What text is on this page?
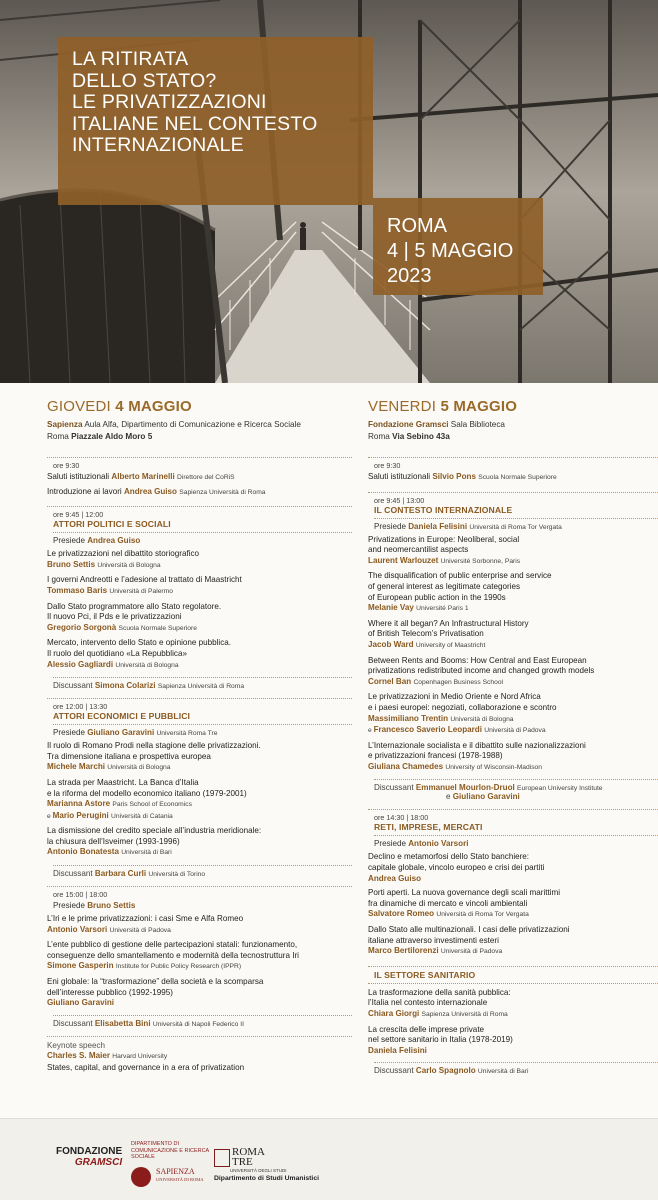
LA RITIRATA
DELLO STATO?
LE PRIVATIZZAZIONI
ITALIANE NEL CONTESTO
INTERNAZIONALE
ROMA
4 | 5 MAGGIO
2023
GIOVEDI 4 MAGGIO
Sapienza Aula Alfa, Dipartimento di Comunicazione e Ricerca Sociale
Roma Piazzale Aldo Moro 5
ore 9:30
Saluti istituzionali Alberto Marinelli Direttore del CoRiS
Introduzione ai lavori Andrea Guiso Sapienza Università di Roma
ore 9:45 | 12:00
ATTORI POLITICI E SOCIALI
Presiede Andrea Guiso
Le privatizzazioni nel dibattito storiografico
Bruno Settis Università di Bologna
I governi Andreotti e l’adesione al trattato di Maastricht
Tommaso Baris Università di Palermo
Dallo Stato programmatore allo Stato regolatore.
Il nuovo Pci, il Pds e le privatizzazioni
Gregorio Sorgonà Scuola Normale Superiore
Mercato, intervento dello Stato e opinione pubblica.
Il ruolo del quotidiano «La Repubblica»
Alessio Gagliardi Università di Bologna
Discussant Simona Colarizi Sapienza Università di Roma
ore 12:00 | 13:30
ATTORI ECONOMICI E PUBBLICI
Presiede Giuliano Garavini Università Roma Tre
Il ruolo di Romano Prodi nella stagione delle privatizzazioni.
Tra dimensione italiana e prospettiva europea
Michele Marchi Università di Bologna
La strada per Maastricht. La Banca d’Italia
e la riforma del modello economico italiano (1979-2001)
Marianna Astore Paris School of Economics
e Mario Perugini Università di Catania
La dismissione del credito speciale all’industria meridionale:
la chiusura dell’Isveimer (1993-1996)
Antonio Bonatesta Università di Bari
Discussant Barbara Curli Università di Torino
ore 15:00 | 18:00
Presiede Bruno Settis
L’Iri e le prime privatizzazioni: i casi Sme e Alfa Romeo
Antonio Varsori Università di Padova
L’ente pubblico di gestione delle partecipazioni statali: funzionamento,
conseguenze dello smantellamento e modernità della tecnostruttura Iri
Simone Gasperin Institute for Public Policy Research (IPPR)
Eni globale: la “trasformazione” della società e la scomparsa
dell’interesse pubblico (1992-1995)
Giuliano Garavini
Discussant Elisabetta Bini Università di Napoli Federico II
Keynote speech
Charles S. Maier Harvard University
States, capital, and governance in a era of privatization
VENERDI 5 MAGGIO
Fondazione Gramsci Sala Biblioteca
Roma Via Sebino 43a
ore 9:30
Saluti istituzionali Silvio Pons Scuola Normale Superiore
ore 9:45 | 13:00
IL CONTESTO INTERNAZIONALE
Presiede Daniela Felisini Università di Roma Tor Vergata
Privatizations in Europe: Neoliberal, social
and neomercantilist aspects
Laurent Warlouzet Université Sorbonne, Paris
The disqualification of public enterprise and service
of general interest as legitimate categories
of European public action in the 1990s
Melanie Vay Université Paris 1
Where it all began? An Infrastructural History
of British Telecom’s Privatisation
Jacob Ward University of Maastricht
Between Rents and Booms: How Central and East European
privatizations redistributed income and changed growth models
Cornel Ban Copenhagen Business School
Le privatizzazioni in Medio Oriente e Nord Africa
e i paesi europei: negoziati, collaborazione e scontro
Massimiliano Trentin Università di Bologna
e Francesco Saverio Leopardi Università di Padova
L’Internazionale socialista e il dibattito sulle nazionalizzazioni
e privatizzazioni francesi (1978-1988)
Giuliana Chamedes University of Wisconsin-Madison
Discussant Emmanuel Mourlon-Druol European University Institute
e Giuliano Garavini
ore 14:30 | 18:00
RETI, IMPRESE, MERCATI
Presiede Antonio Varsori
Declino e metamorfosi dello Stato banchiere:
capitale globale, vincolo europeo e crisi dei partiti
Andrea Guiso
Porti aperti. La nuova governance degli scali marittimi
fra dinamiche di mercato e vincoli ambientali
Salvatore Romeo Università di Roma Tor Vergata
Dallo Stato alle multinazionali. I casi delle privatizzazioni
italiane attraverso investimenti esteri
Marco Bertilorenzi Università di Padova
IL SETTORE SANITARIO
La trasformazione della sanità pubblica:
l’Italia nel contesto internazionale
Chiara Giorgi Sapienza Università di Roma
La crescita delle imprese private
nel settore sanitario in Italia (1978-2019)
Daniela Felisini
Discussant Carlo Spagnolo Università di Bari
FONDAZIONE
GRAMSCI
DIPARTIMENTO DI COMUNICAZIONE E RICERCA SOCIALE
SAPIENZA
UNIVERSITÀ DI ROMA
ROMA
TRE
UNIVERSITÀ DEGLI STUDI
Dipartimento di Studi Umanistici
